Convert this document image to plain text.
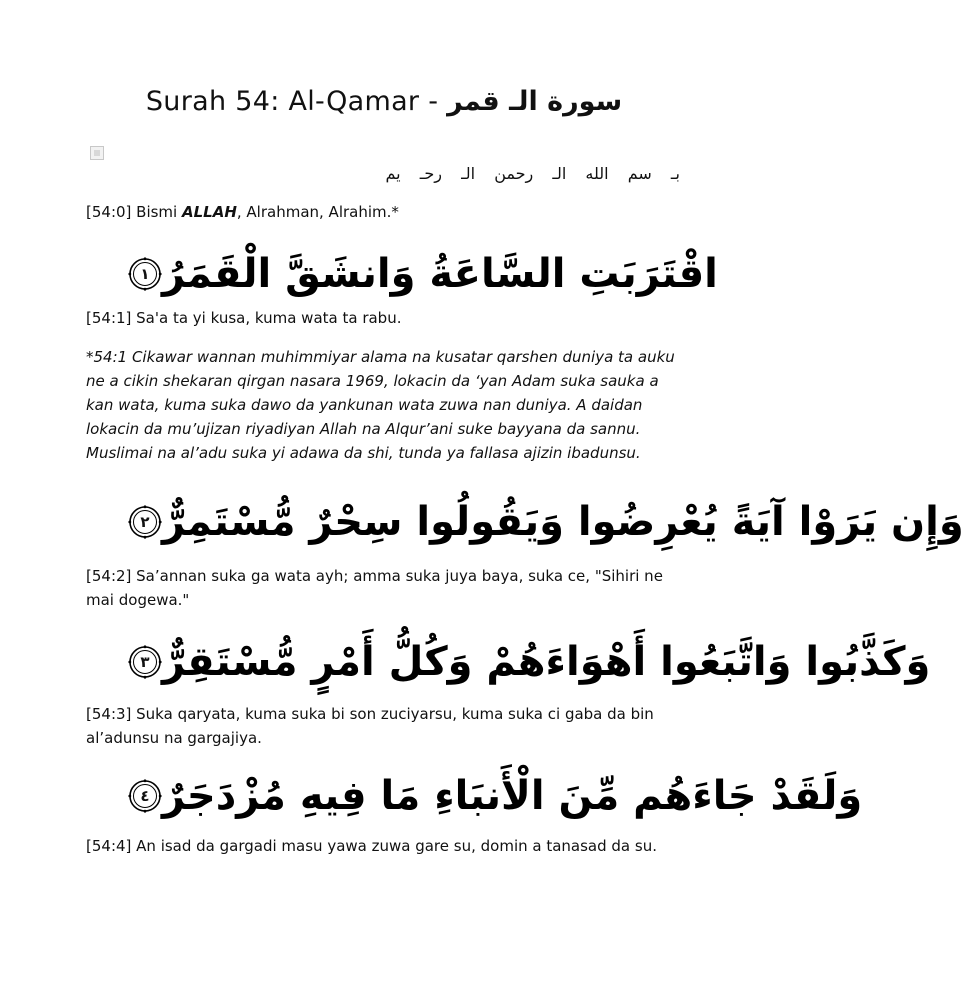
Surah 54: Al-Qamar - سورة الـ قمر
بـ سم الله الـ رحمن الـ رحـ يم
[54:0] Bismi ALLAH, Alrahman, Alrahim.*
١ اقْتَرَبَتِ السَّاعَةُ وَانشَقَّ الْقَمَرُ
[54:1] Sa'a ta yi kusa, kuma wata ta rabu.
*54:1 Cikawar wannan muhimmiyar alama na kusatar qarshen duniya ta auku ne a cikin shekaran qirgan nasara 1969, lokacin da ‘yan Adam suka sauka a kan wata, kuma suka dawo da yankunan wata zuwa nan duniya. A daidan lokacin da mu’ujizan riyadiyan Allah na Alqur’ani suke bayyana da sannu. Muslimai na al’adu suka yi adawa da shi, tunda ya fallasa ajizin ibadunsu.
٢ وَإِن يَرَوْا آيَةً يُعْرِضُوا وَيَقُولُوا سِحْرٌ مُّسْتَمِرٌّ
[54:2] Sa’annan suka ga wata ayh; amma suka juya baya, suka ce, "Sihiri ne mai dogewa."
٣ وَكَذَّبُوا وَاتَّبَعُوا أَهْوَاءَهُمْ وَكُلُّ أَمْرٍ مُّسْتَقِرٌّ
[54:3] Suka qaryata, kuma suka bi son zuciyarsu, kuma suka ci gaba da bin al’adunsu na gargajiya.
٤ وَلَقَدْ جَاءَهُم مِّنَ الْأَنبَاءِ مَا فِيهِ مُزْدَجَرٌ
[54:4] An isad da gargadi masu yawa zuwa gare su, domin a tanasad da su.
